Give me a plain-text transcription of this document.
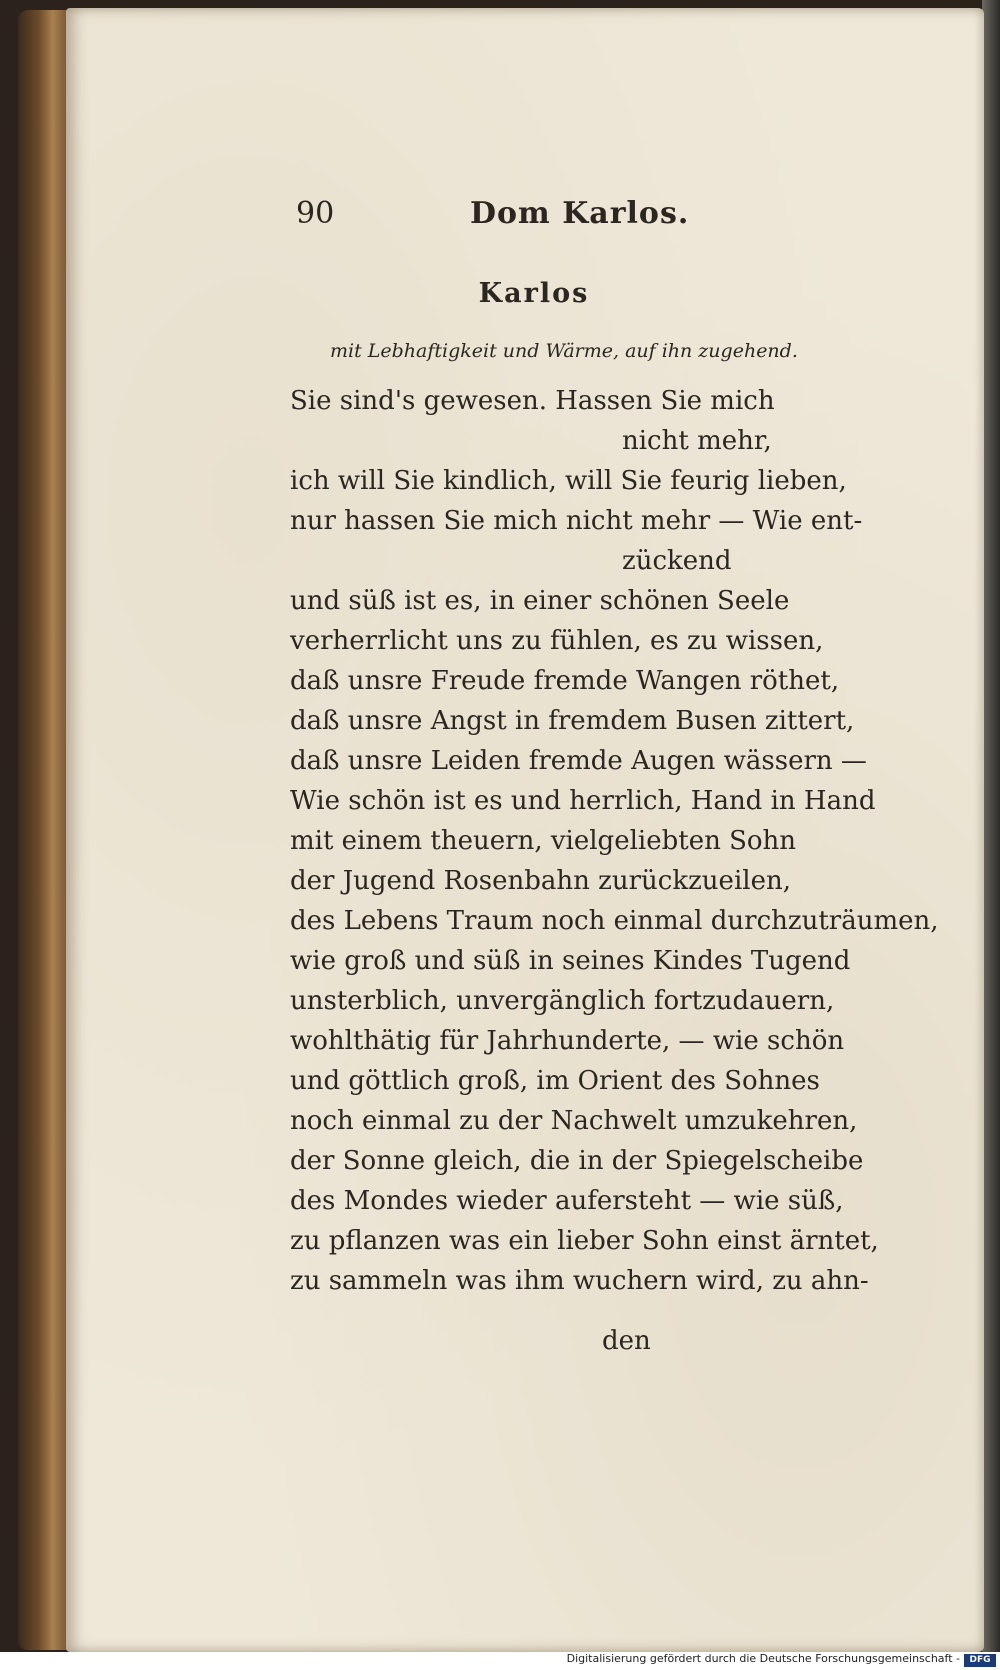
90	Dom Karlos.
Karlos
mit Lebhaftigkeit und Wärme, auf ihn zugehend.
Sie sind's gewesen. Hassen Sie mich
nicht mehr,
ich will Sie kindlich, will Sie feurig lieben,
nur hassen Sie mich nicht mehr — Wie ent-
zückend
und süß ist es, in einer schönen Seele
verherrlicht uns zu fühlen, es zu wissen,
daß unsre Freude fremde Wangen röthet,
daß unsre Angst in fremdem Busen zittert,
daß unsre Leiden fremde Augen wässern —
Wie schön ist es und herrlich, Hand in Hand
mit einem theuern, vielgeliebten Sohn
der Jugend Rosenbahn zurückzueilen,
des Lebens Traum noch einmal durchzuträumen,
wie groß und süß in seines Kindes Tugend
unsterblich, unvergänglich fortzudauern,
wohlthätig für Jahrhunderte, — wie schön
und göttlich groß, im Orient des Sohnes
noch einmal zu der Nachwelt umzukehren,
der Sonne gleich, die in der Spiegelscheibe
des Mondes wieder aufersteht — wie süß,
zu pflanzen was ein lieber Sohn einst ärntet,
zu sammeln was ihm wuchern wird, zu ahn-
den
Digitalisierung gefördert durch die Deutsche Forschungsgemeinschaft -	DFG
